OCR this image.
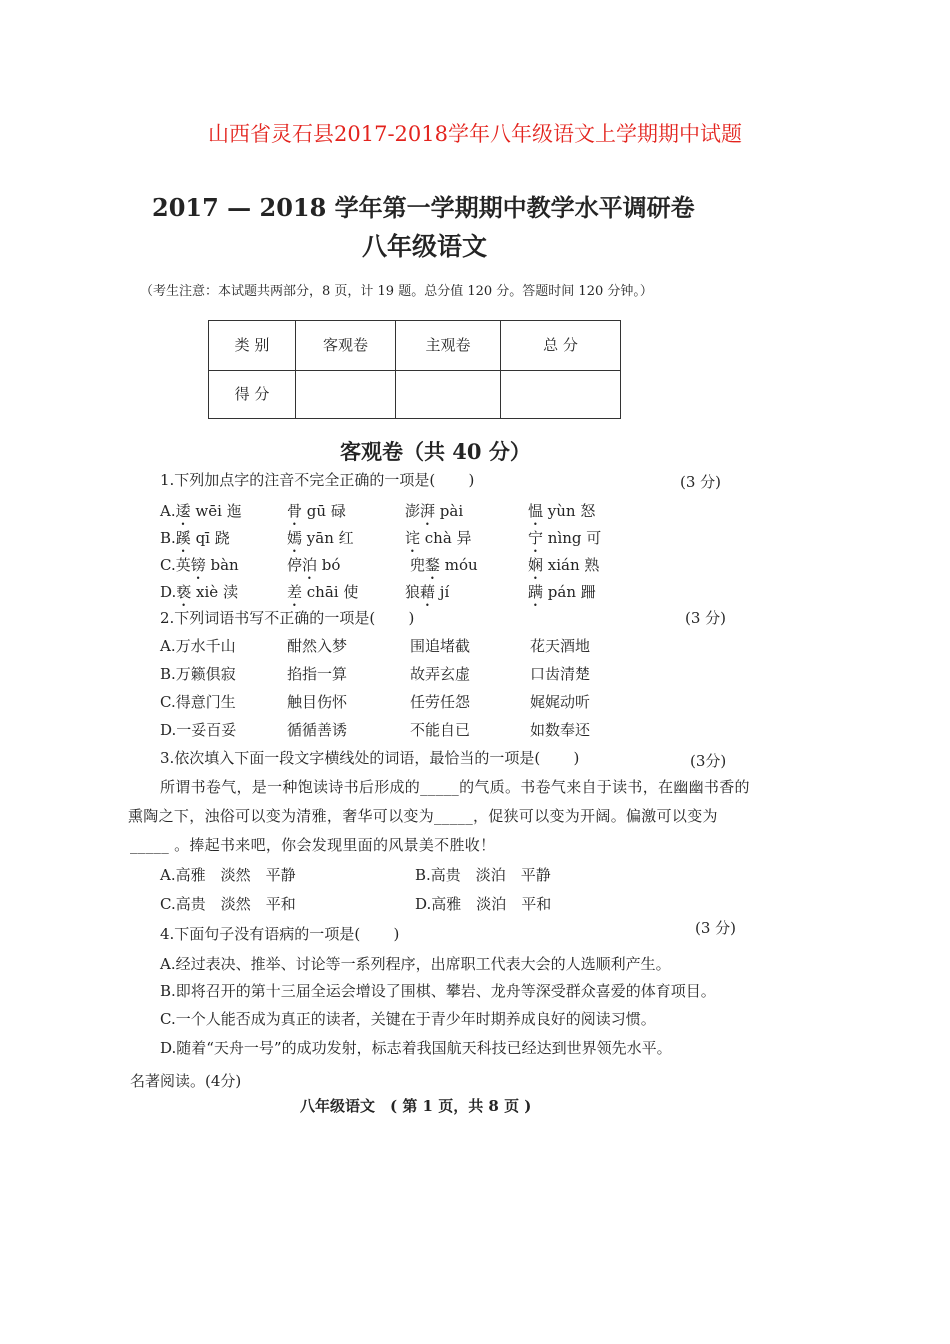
山西省灵石县2017-2018学年八年级语文上学期期中试题
2017 — 2018 学年第一学期期中教学水平调研卷
八年级语文
（考生注意：本试题共两部分，8 页，计 19 题。总分值 120 分。答题时间 120 分钟。）
类 别	客观卷	主观卷	总 分
得 分			
客观卷（共 40 分）
1.下列加点字的注音不完全正确的一项是(       )	(3 分)
A.逶 wēi 迤	骨 gū 碌	澎湃 pài	愠 yùn 怒
B.蹊 qī 跷	嫣 yān 红	诧 chà 异	宁 nìng 可
C.英镑 bàn	停泊 bó	兜鍪 móu	娴 xián 熟
D.亵 xiè 渎	差 chāi 使	狼藉 jí	蹒 pán 跚
2.下列词语书写不正确的一项是(       )	(3 分)
A.万水千山	酣然入梦	围追堵截	花天酒地
B.万籁俱寂	掐指一算	故弄玄虚	口齿清楚
C.得意门生	触目伤怀	任劳任怨	娓娓动听
D.一妥百妥	循循善诱	不能自已	如数奉还
3.依次填入下面一段文字横线处的词语，最恰当的一项是(       )	(3分)
所谓书卷气，是一种饱读诗书后形成的_____的气质。书卷气来自于读书，在幽幽书香的
熏陶之下，浊俗可以变为清雅，奢华可以变为_____，促狭可以变为开阔。偏激可以变为
_____ 。捧起书来吧，你会发现里面的风景美不胜收！
A.高雅　淡然　平静	B.高贵　淡泊　平静
C.高贵　淡然　平和	D.高雅　淡泊　平和
4.下面句子没有语病的一项是(       )	(3 分)
A.经过表决、推举、讨论等一系列程序，出席职工代表大会的人选顺利产生。
B.即将召开的第十三届全运会增设了围棋、攀岩、龙舟等深受群众喜爱的体育项目。
C.一个人能否成为真正的读者，关键在于青少年时期养成良好的阅读习惯。
D.随着“天舟一号”的成功发射，标志着我国航天科技已经达到世界领先水平。
名著阅读。(4分)
八年级语文　( 第 1 页，共 8 页 )
